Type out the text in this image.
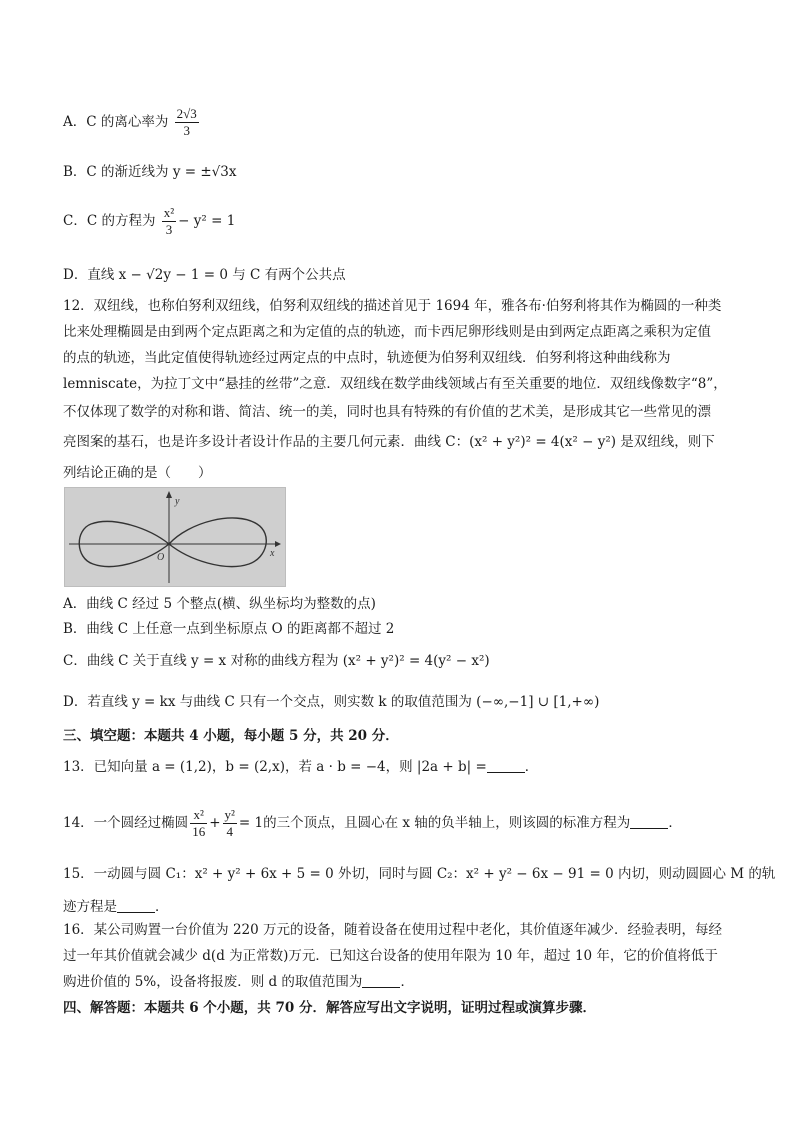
A．C 的离心率为 $\frac{2√3}{3}$
B．C 的渐近线为 y = ±√3x
C．C 的方程为 $\frac{\text{x²}}{3} - y^2 = 1$
D．直线 x − √2y − 1 = 0 与 C 有两个公共点
12．双纽线，也称伯努利双纽线，伯努利双纽线的描述首见于 1694 年，雅各布·伯努利将其作为椭圆的一种类
比来处理椭圆是由到两个定点距离之和为定值的点的轨迹，而卡西尼卵形线则是由到两定点距离之乘积为定值
的点的轨迹，当此定值使得轨迹经过两定点的中点时，轨迹便为伯努利双纽线．伯努利将这种曲线称为
lemniscate，为拉丁文中“悬挂的丝带”之意．双纽线在数学曲线领域占有至关重要的地位．双纽线像数字“8”，
不仅体现了数学的对称和谐、简洁、统一的美，同时也具有特殊的有价值的艺术美，是形成其它一些常见的漂
亮图案的基石，也是许多设计者设计作品的主要几何元素．曲线 C：(x² + y²)² = 4(x² − y²) 是双纽线，则下
列结论正确的是（　　）
y
x
O
A．曲线 C 经过 5 个整点(横、纵坐标均为整数的点)
B．曲线 C 上任意一点到坐标原点 O 的距离都不超过 2
C．曲线 C 关于直线 y = x 对称的曲线方程为 (x² + y²)² = 4(y² − x²)
D．若直线 y = kx 与曲线 C 只有一个交点，则实数 k 的取值范围为 (−∞,−1] ∪ [1,+∞)
三、填空题：本题共 4 小题，每小题 5 分，共 20 分．
13．已知向量 a = (1,2)，b = (2,x)，若 a · b = −4，则 |2a + b| =	．
14．一个圆经过椭圆 $\frac{\text{x²}}{16} + \frac{\text{y²}}{4} = 1$的三个顶点，且圆心在 x 轴的负半轴上，则该圆的标准方程为	．
15．一动圆与圆 C₁：x² + y² + 6x + 5 = 0 外切，同时与圆 C₂：x² + y² − 6x − 91 = 0 内切，则动圆圆心 M 的轨
迹方程是	．
16．某公司购置一台价值为 220 万元的设备，随着设备在使用过程中老化，其价值逐年减少．经验表明，每经
过一年其价值就会减少 d(d 为正常数)万元．已知这台设备的使用年限为 10 年，超过 10 年，它的价值将低于
购进价值的 5%，设备将报废．则 d 的取值范围为	．
四、解答题：本题共 6 个小题，共 70 分．解答应写出文字说明，证明过程或演算步骤．
